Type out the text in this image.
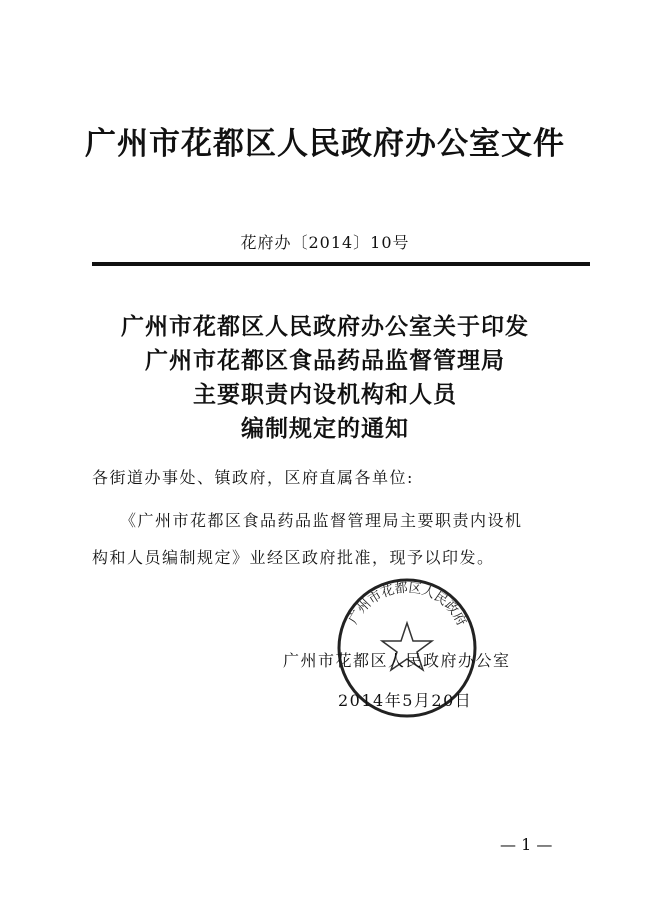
广州市花都区人民政府办公室文件
花府办〔2014〕10号
广州市花都区人民政府办公室关于印发
广州市花都区食品药品监督管理局
主要职责内设机构和人员
编制规定的通知
各街道办事处、镇政府，区府直属各单位:
《广州市花都区食品药品监督管理局主要职责内设机
构和人员编制规定》业经区政府批准，现予以印发。
广州市花都区人民政府
广州市花都区人民政府办公室
2014年5月20日
— 1 —
